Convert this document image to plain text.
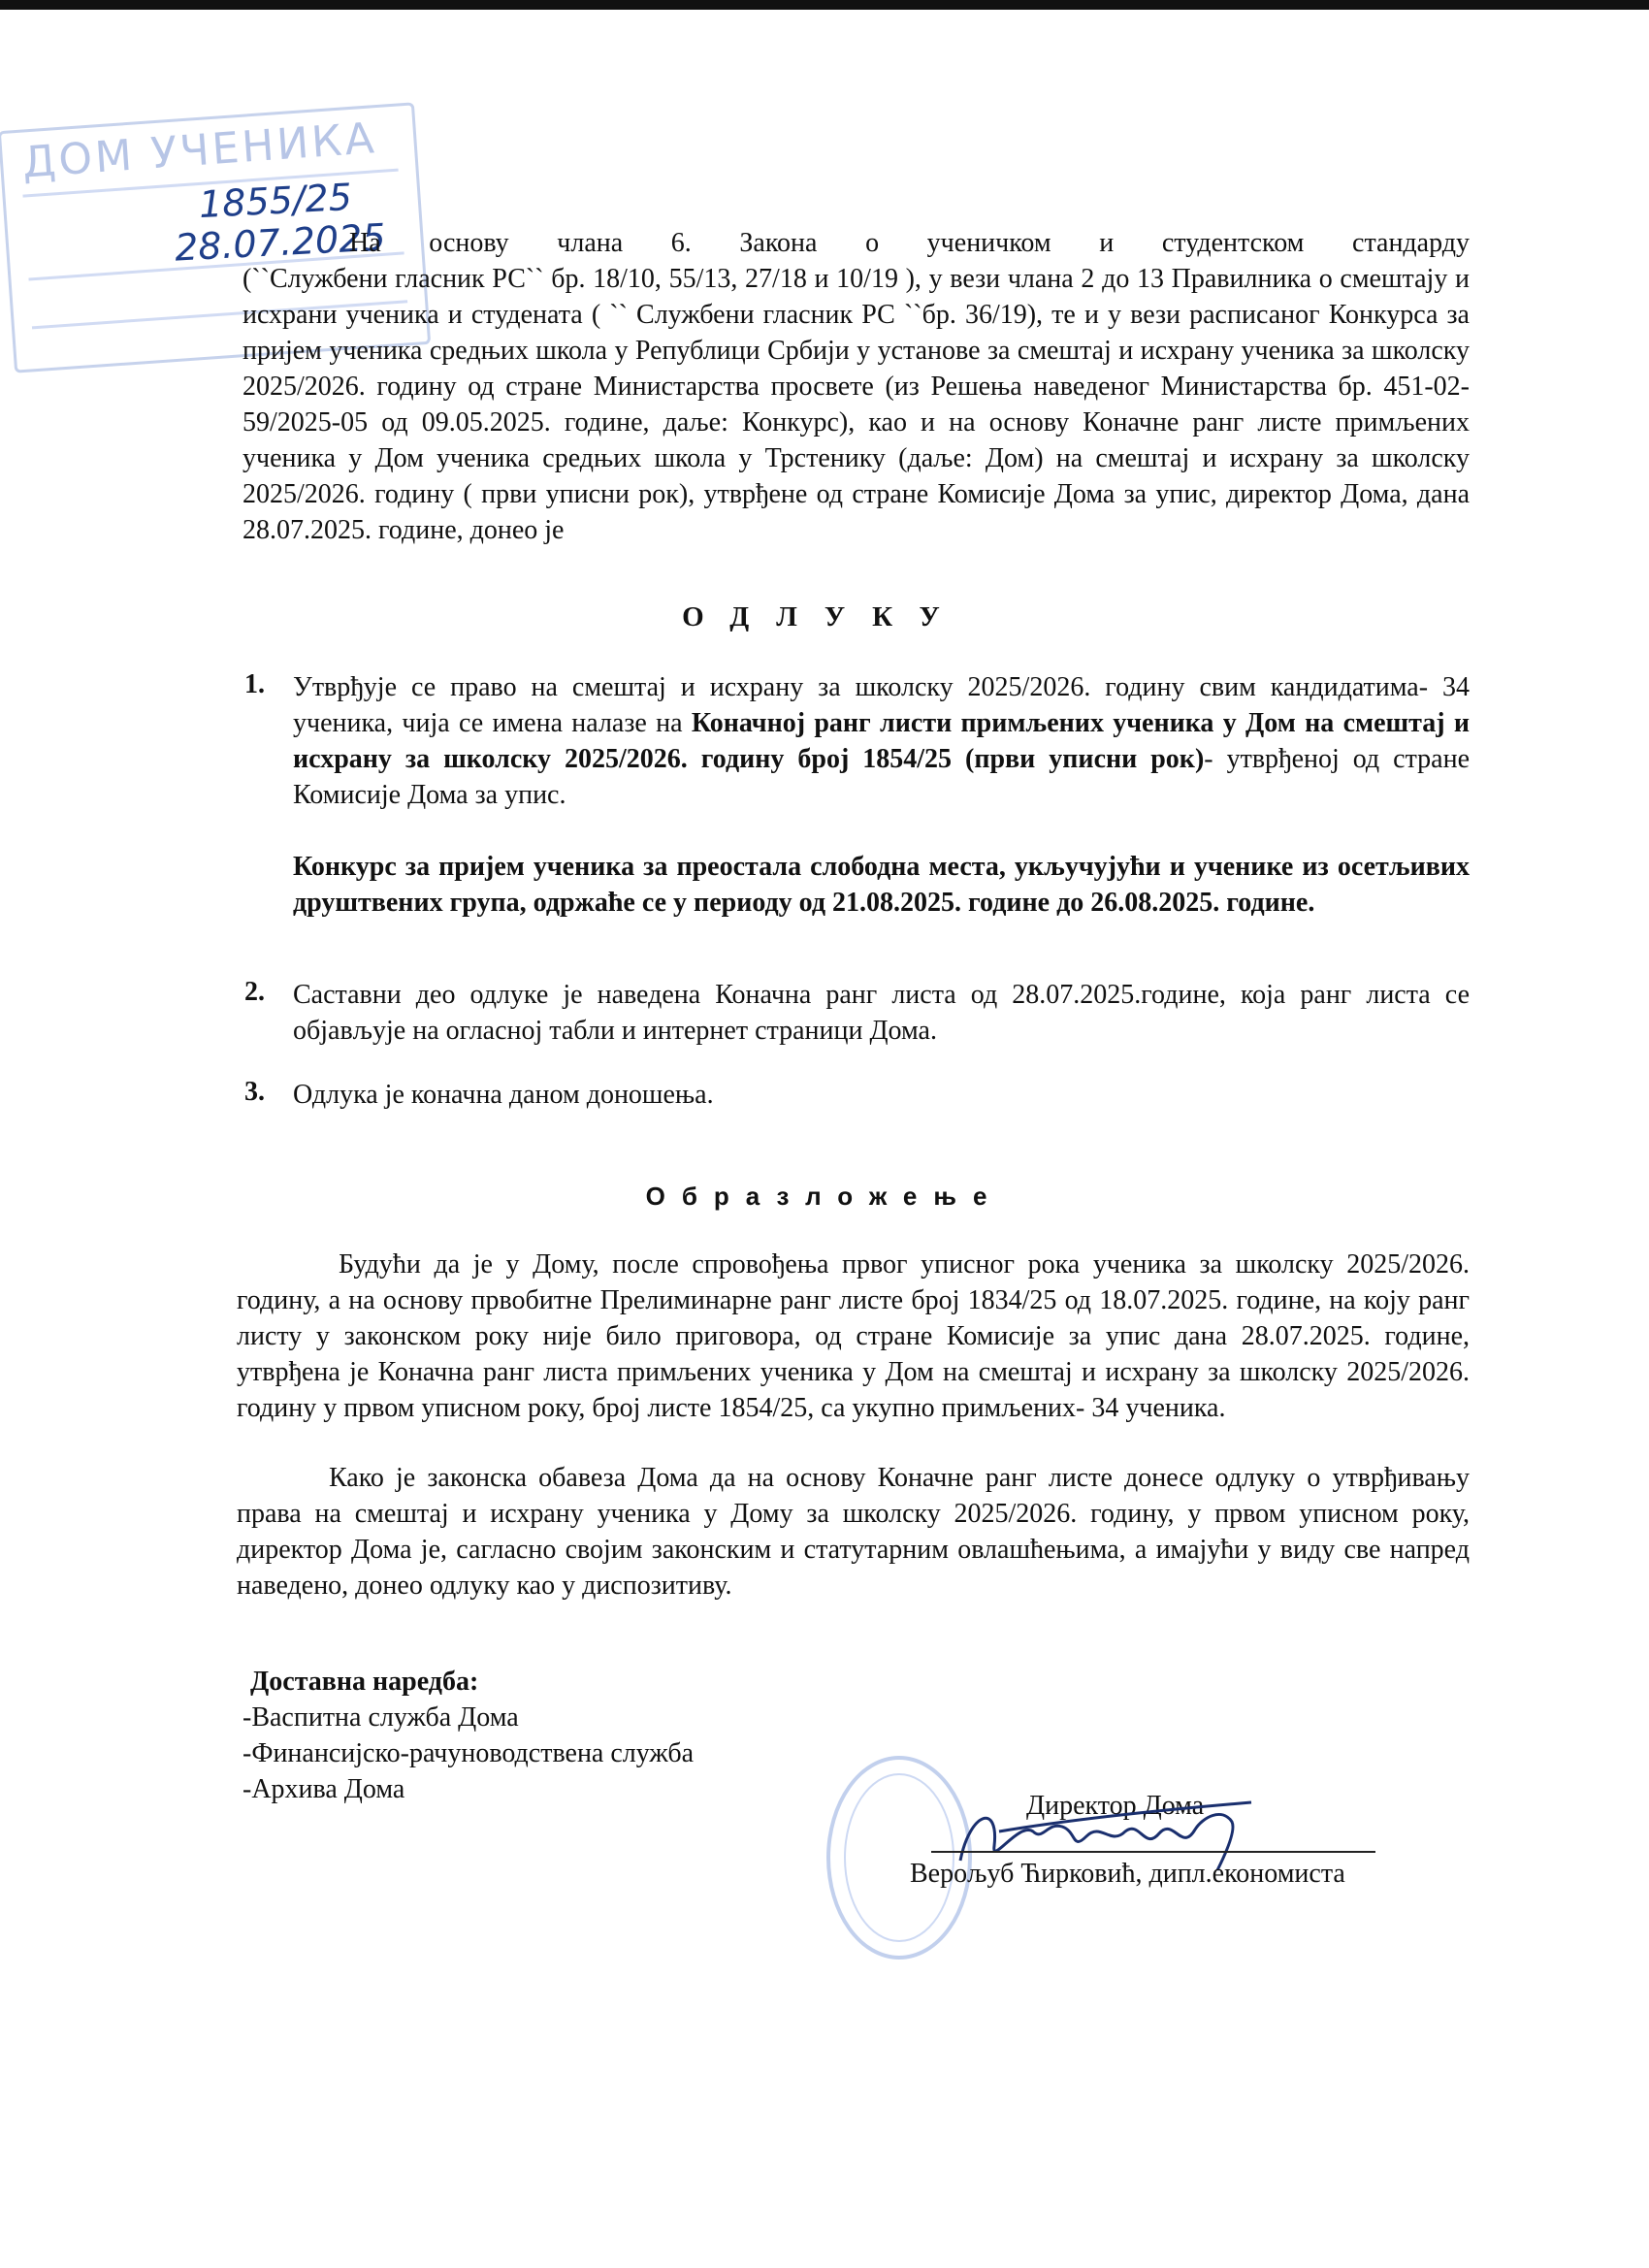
ДОМ УЧЕНИКА
1855/25
28.07.2025
На основу члана 6. Закона о ученичком и студентском стандарду

(``Службени гласник РС`` бр. 18/10, 55/13, 27/18 и 10/19 ), у вези члана 2 до 13 Правилника о смештају и исхрани ученика и студената ( `` Службени гласник РС ``бр. 36/19), те и у вези расписаног Конкурса за пријем ученика средњих школа у Републици Србији у установе за смештај и исхрану ученика за школску 2025/2026. годину од стране Министарства просвете (из Решења наведеног Министарства бр. 451-02-59/2025-05 од 09.05.2025. године, даље: Конкурс), као и на основу Коначне ранг листе примљених ученика у Дом ученика средњих школа у Трстенику (даље: Дом) на смештај и исхрану за школску 2025/2026. годину ( први уписни рок), утврђене од стране Комисије Дома за упис, директор Дома, дана 28.07.2025. године, донео је

ОДЛУКУ
1. Утврђује се право на смештај и исхрану за школску 2025/2026. годину свим кандидатима- 34 ученика, чија се имена налазе на Коначној ранг листи примљених ученика у Дом на смештај и исхрану за школску 2025/2026. годину број 1854/25 (први уписни рок)- утврђеној од стране Комисије Дома за упис.

Конкурс за пријем ученика за преостала слободна места, укључујући и ученике из осетљивих друштвених група, одржаће се у периоду од 21.08.2025. године до 26.08.2025. године.

2. Саставни део одлуке је наведена Коначна ранг листа од 28.07.2025.године, која ранг листа се објављује на огласној табли и интернет страници Дома.

3. Одлука је коначна даном доношења.

Образложење

Будући да је у Дому, после спровођења првог уписног рока ученика за школску 2025/2026. годину, а на основу првобитне Прелиминарне ранг листе број 1834/25 од 18.07.2025. године, на коју ранг листу у законском року није било приговора, од стране Комисије за упис дана 28.07.2025. године, утврђена је Коначна ранг листа примљених ученика у Дом на смештај и исхрану за школску 2025/2026. годину у првом уписном року, број листе 1854/25, са укупно примљених- 34 ученика.

Како је законска обавеза Дома да на основу Коначне ранг листе донесе одлуку о утврђивању права на смештај и исхрану ученика у Дому за школску 2025/2026. годину, у првом уписном року, директор Дома је, сагласно својим законским и статутарним овлашћењима, а имајући у виду све напред наведено, донео одлуку као у диспозитиву.

Доставна наредба:
-Васпитна служба Дома
-Финансијско-рачуноводствена служба
-Архива Дома
Директор Дома
Верољуб Ћирковић, дипл.економиста
